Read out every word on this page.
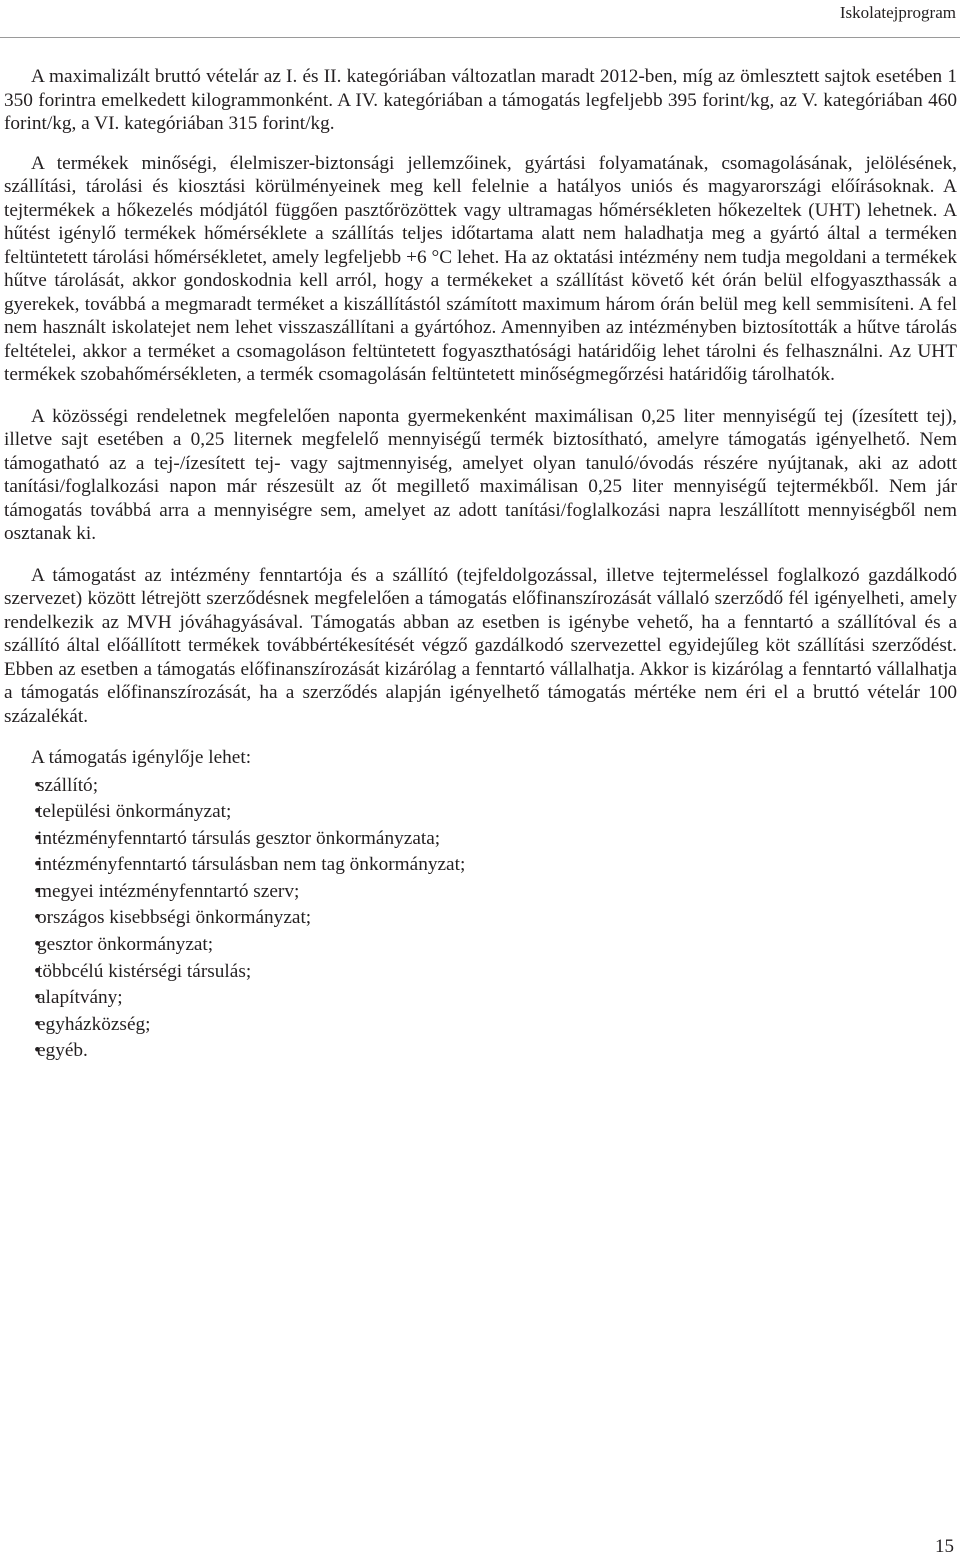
Iskolatejprogram

A maximalizált bruttó vételár az I. és II. kategóriában változatlan maradt 2012-ben, míg az ömlesztett sajtok esetében 1 350 forintra emelkedett kilogrammonként. A IV. kategóriában a támogatás legfeljebb 395 forint/kg, az V. kategóriában 460 forint/kg, a VI. kategóriában 315 forint/kg.

A termékek minőségi, élelmiszer-biztonsági jellemzőinek, gyártási folyamatának, csomagolásának, jelölésének, szállítási, tárolási és kiosztási körülményeinek meg kell felelnie a hatályos uniós és magyarországi előírásoknak. A tejtermékek a hőkezelés módjától függően pasztőrözöttek vagy ultramagas hőmérsékleten hőkezeltek (UHT) lehetnek. A hűtést igénylő termékek hőmérséklete a szállítás teljes időtartama alatt nem haladhatja meg a gyártó által a terméken feltüntetett tárolási hőmérsékletet, amely legfeljebb +6 °C lehet. Ha az oktatási intézmény nem tudja megoldani a termékek hűtve tárolását, akkor gondoskodnia kell arról, hogy a termékeket a szállítást követő két órán belül elfogyaszthassák a gyerekek, továbbá a megmaradt terméket a kiszállítástól számított maximum három órán belül meg kell semmisíteni. A fel nem használt iskolatejet nem lehet visszaszállítani a gyártóhoz. Amennyiben az intézményben biztosították a hűtve tárolás feltételei, akkor a terméket a csomagoláson feltüntetett fogyaszthatósági határidőig lehet tárolni és felhasználni. Az UHT termékek szobahőmérsékleten, a termék csomagolásán feltüntetett minőségmegőrzési határidőig tárolhatók.

A közösségi rendeletnek megfelelően naponta gyermekenként maximálisan 0,25 liter mennyiségű tej (ízesített tej), illetve sajt esetében a 0,25 liternek megfelelő mennyiségű termék biztosítható, amelyre támogatás igényelhető. Nem támogatható az a tej-/ízesített tej- vagy sajtmennyiség, amelyet olyan tanuló/óvodás részére nyújtanak, aki az adott tanítási/foglalkozási napon már részesült az őt megillető maximálisan 0,25 liter mennyiségű tejtermékből. Nem jár támogatás továbbá arra a mennyiségre sem, amelyet az adott tanítási/foglalkozási napra leszállított mennyiségből nem osztanak ki.

A támogatást az intézmény fenntartója és a szállító (tejfeldolgozással, illetve tejtermeléssel foglalkozó gazdálkodó szervezet) között létrejött szerződésnek megfelelően a támogatás előfinanszírozását vállaló szerződő fél igényelheti, amely rendelkezik az MVH jóváhagyásával. Támogatás abban az esetben is igénybe vehető, ha a fenntartó a szállítóval és a szállító által előállított termékek továbbértékesítését végző gazdálkodó szervezettel egyidejűleg köt szállítási szerződést. Ebben az esetben a támogatás előfinanszírozását kizárólag a fenntartó vállalhatja. Akkor is kizárólag a fenntartó vállalhatja a támogatás előfinanszírozását, ha a szerződés alapján igényelhető támogatás mértéke nem éri el a bruttó vételár 100 százalékát.

A támogatás igénylője lehet:
•
szállító;
•
települési önkormányzat;
•
intézményfenntartó társulás gesztor önkormányzata;
•
intézményfenntartó társulásban nem tag önkormányzat;
•
megyei intézményfenntartó szerv;
•
országos kisebbségi önkormányzat;
•
gesztor önkormányzat;
•
többcélú kistérségi társulás;
•
alapítvány;
•
egyházközség;
•
egyéb.
15
